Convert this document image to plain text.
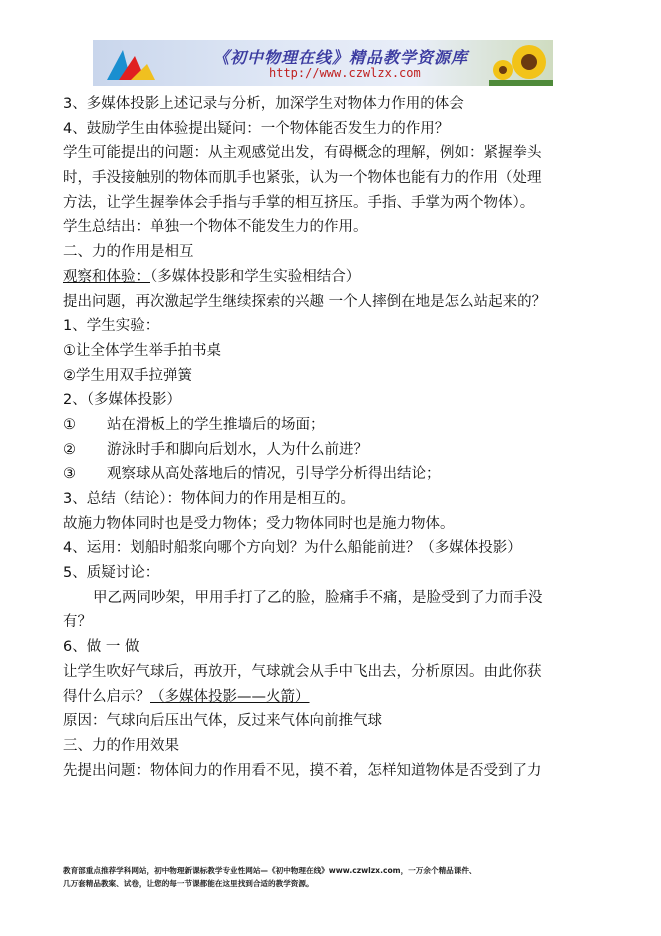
《初中物理在线》精品教学资源库
http://www.czwlzx.com
3、多媒体投影上述记录与分析，加深学生对物体力作用的体会
4、鼓励学生由体验提出疑问：一个物体能否发生力的作用？
学生可能提出的问题：从主观感觉出发，有碍概念的理解，例如：紧握拳头
时，手没接触别的物体而肌手也紧张，认为一个物体也能有力的作用（处理
方法，让学生握拳体会手指与手掌的相互挤压。手指、手掌为两个物体）。
学生总结出：单独一个物体不能发生力的作用。
二、力的作用是相互
观察和体验：（多媒体投影和学生实验相结合）
提出问题，再次激起学生继续探索的兴趣 一个人摔倒在地是怎么站起来的？
1、学生实验：
①让全体学生举手拍书桌
②学生用双手拉弹簧
2、（多媒体投影）
① 站在滑板上的学生推墙后的场面；
② 游泳时手和脚向后划水，人为什么前进？
③ 观察球从高处落地后的情况，引导学分析得出结论；
3、总结（结论）：物体间力的作用是相互的。
故施力物体同时也是受力物体；受力物体同时也是施力物体。
4、运用：划船时船浆向哪个方向划？为什么船能前进？（多媒体投影）
5、质疑讨论：
甲乙两同吵架，甲用手打了乙的脸，脸痛手不痛，是脸受到了力而手没
有？
6、做 一 做
让学生吹好气球后，再放开，气球就会从手中飞出去，分析原因。由此你获
得什么启示？（多媒体投影——火箭）
原因：气球向后压出气体，反过来气体向前推气球
三、力的作用效果
先提出问题：物体间力的作用看不见，摸不着，怎样知道物体是否受到了力
教育部重点推荐学科网站，初中物理新课标教学专业性网站—《初中物理在线》www.czwlzx.com，一万余个精品课件、
几万套精品教案、试卷，让您的每一节课都能在这里找到合适的教学资源。
